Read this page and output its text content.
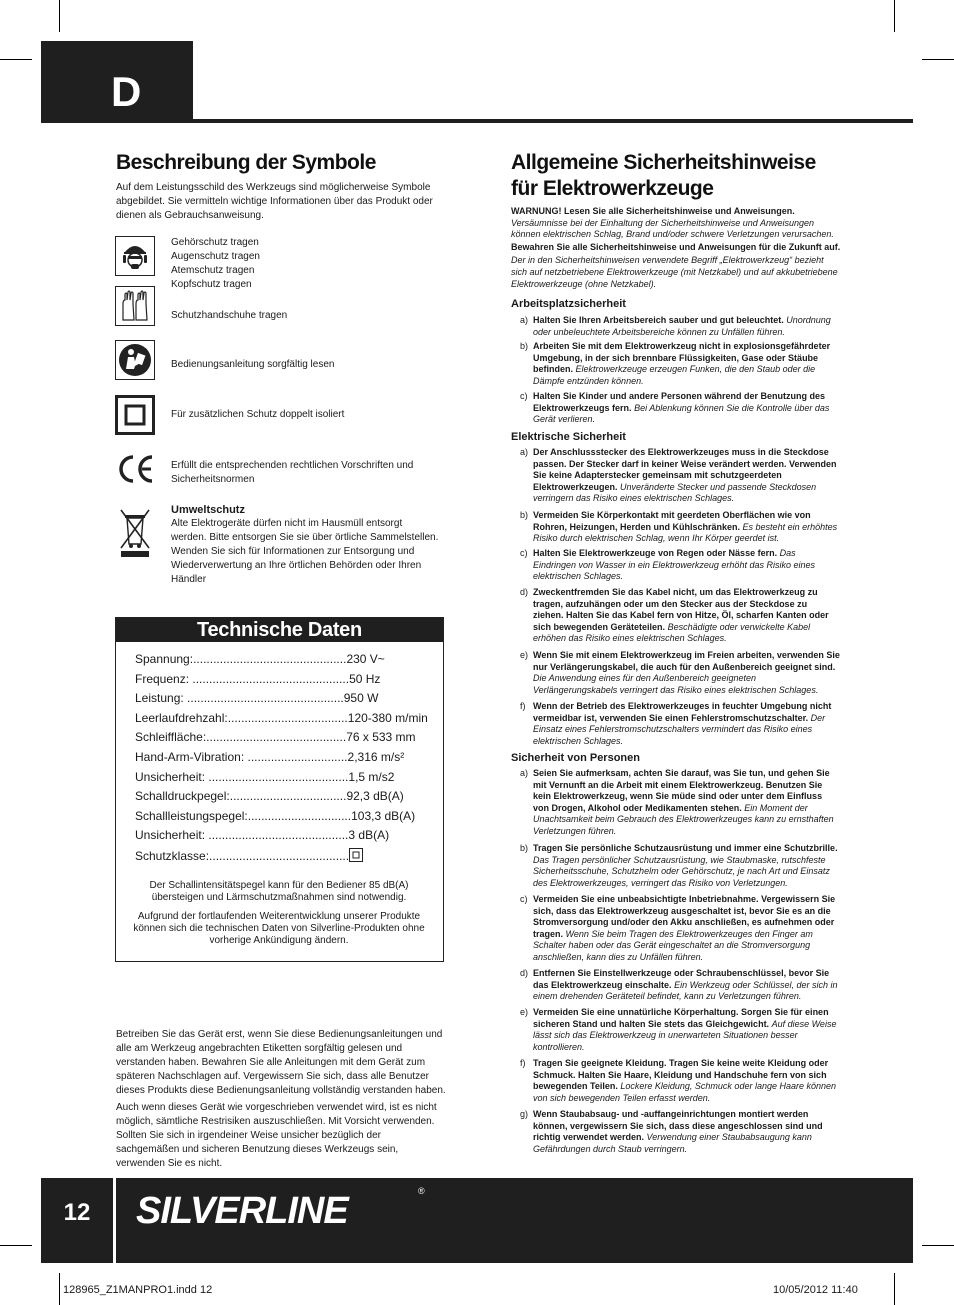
D
Beschreibung der Symbole
Auf dem Leistungsschild des Werkzeugs sind möglicherweise Symbole abgebildet. Sie vermitteln wichtige Informationen über das Produkt oder dienen als Gebrauchsanweisung.
Gehörschutz tragen
Augenschutz tragen
Atemschutz tragen
Kopfschutz tragen
Schutzhandschuhe tragen
Bedienungsanleitung sorgfältig lesen
Für zusätzlichen Schutz doppelt isoliert
Erfüllt die entsprechenden rechtlichen Vorschriften und
Sicherheitsnormen
Umweltschutz
Alte Elektrogeräte dürfen nicht im Hausmüll entsorgt
werden. Bitte entsorgen Sie sie über örtliche Sammelstellen.
Wenden Sie sich für Informationen zur Entsorgung und
Wiederverwertung an Ihre örtlichen Behörden oder Ihren
Händler
Technische Daten
Spannung:..............................................230 V~
Frequenz: ...............................................50 Hz
Leistung: ...............................................950 W
Leerlaufdrehzahl:....................................120-380 m/min
Schleiffläche:..........................................76 x 533 mm
Hand-Arm-Vibration: ..............................2,316 m/s²
Unsicherheit: ..........................................1,5 m/s2
Schalldruckpegel:...................................92,3 dB(A)
Schallleistungspegel:...............................103,3 dB(A)
Unsicherheit: ..........................................3 dB(A)
Schutzklasse:..........................................
Der Schallintensitätspegel kann für den Bediener 85 dB(A) übersteigen und Lärmschutzmaßnahmen sind notwendig.
Aufgrund der fortlaufenden Weiterentwicklung unserer Produkte können sich die technischen Daten von Silverline-Produkten ohne vorherige Ankündigung ändern.
Betreiben Sie das Gerät erst, wenn Sie diese Bedienungsanleitungen und alle am Werkzeug angebrachten Etiketten sorgfältig gelesen und verstanden haben. Bewahren Sie alle Anleitungen mit dem Gerät zum späteren Nachschlagen auf. Vergewissern Sie sich, dass alle Benutzer dieses Produkts diese Bedienungsanleitung vollständig verstanden haben.
Auch wenn dieses Gerät wie vorgeschrieben verwendet wird, ist es nicht möglich, sämtliche Restrisiken auszuschließen. Mit Vorsicht verwenden. Sollten Sie sich in irgendeiner Weise unsicher bezüglich der sachgemäßen und sicheren Benutzung dieses Werkzeugs sein, verwenden Sie es nicht.
Allgemeine Sicherheitshinweise
für Elektrowerkzeuge
WARNUNG! Lesen Sie alle Sicherheitshinweise und Anweisungen.
Versäumnisse bei der Einhaltung der Sicherheitshinweise und Anweisungen können elektrischen Schlag, Brand und/oder schwere Verletzungen verursachen.
Bewahren Sie alle Sicherheitshinweise und Anweisungen für die Zukunft auf.
Der in den Sicherheitshinweisen verwendete Begriff „Elektrowerkzeug“ bezieht sich auf netzbetriebene Elektrowerkzeuge (mit Netzkabel) und auf akkubetriebene Elektrowerkzeuge (ohne Netzkabel).
Arbeitsplatzsicherheit
a) Halten Sie Ihren Arbeitsbereich sauber und gut beleuchtet. Unordnung oder unbeleuchtete Arbeitsbereiche können zu Unfällen führen.
b) Arbeiten Sie mit dem Elektrowerkzeug nicht in explosionsgefährdeter Umgebung, in der sich brennbare Flüssigkeiten, Gase oder Stäube befinden. Elektrowerkzeuge erzeugen Funken, die den Staub oder die Dämpfe entzünden können.
c) Halten Sie Kinder und andere Personen während der Benutzung des Elektrowerkzeugs fern. Bei Ablenkung können Sie die Kontrolle über das Gerät verlieren.
Elektrische Sicherheit
a) Der Anschlussstecker des Elektrowerkzeuges muss in die Steckdose passen. Der Stecker darf in keiner Weise verändert werden. Verwenden Sie keine Adapterstecker gemeinsam mit schutzgeerdeten Elektrowerkzeugen. Unveränderte Stecker und passende Steckdosen verringern das Risiko eines elektrischen Schlages.
b) Vermeiden Sie Körperkontakt mit geerdeten Oberflächen wie von Rohren, Heizungen, Herden und Kühlschränken. Es besteht ein erhöhtes Risiko durch elektrischen Schlag, wenn Ihr Körper geerdet ist.
c) Halten Sie Elektrowerkzeuge von Regen oder Nässe fern. Das Eindringen von Wasser in ein Elektrowerkzeug erhöht das Risiko eines elektrischen Schlages.
d) Zweckentfremden Sie das Kabel nicht, um das Elektrowerkzeug zu tragen, aufzuhängen oder um den Stecker aus der Steckdose zu ziehen. Halten Sie das Kabel fern von Hitze, Öl, scharfen Kanten oder sich bewegenden Geräteteilen. Beschädigte oder verwickelte Kabel erhöhen das Risiko eines elektrischen Schlages.
e) Wenn Sie mit einem Elektrowerkzeug im Freien arbeiten, verwenden Sie nur Verlängerungskabel, die auch für den Außenbereich geeignet sind. Die Anwendung eines für den Außenbereich geeigneten Verlängerungskabels verringert das Risiko eines elektrischen Schlages.
f) Wenn der Betrieb des Elektrowerkzeuges in feuchter Umgebung nicht vermeidbar ist, verwenden Sie einen Fehlerstromschutzschalter. Der Einsatz eines Fehlerstromschutzschalters vermindert das Risiko eines elektrischen Schlages.
Sicherheit von Personen
a) Seien Sie aufmerksam, achten Sie darauf, was Sie tun, und gehen Sie mit Vernunft an die Arbeit mit einem Elektrowerkzeug. Benutzen Sie kein Elektrowerkzeug, wenn Sie müde sind oder unter dem Einfluss von Drogen, Alkohol oder Medikamenten stehen. Ein Moment der Unachtsamkeit beim Gebrauch des Elektrowerkzeuges kann zu ernsthaften Verletzungen führen.
b) Tragen Sie persönliche Schutzausrüstung und immer eine Schutzbrille. Das Tragen persönlicher Schutzausrüstung, wie Staubmaske, rutschfeste Sicherheitsschuhe, Schutzhelm oder Gehörschutz, je nach Art und Einsatz des Elektrowerkzeuges, verringert das Risiko von Verletzungen.
c) Vermeiden Sie eine unbeabsichtigte Inbetriebnahme. Vergewissern Sie sich, dass das Elektrowerkzeug ausgeschaltet ist, bevor Sie es an die Stromversorgung und/oder den Akku anschließen, es aufnehmen oder tragen. Wenn Sie beim Tragen des Elektrowerkzeuges den Finger am Schalter haben oder das Gerät eingeschaltet an die Stromversorgung anschließen, kann dies zu Unfällen führen.
d) Entfernen Sie Einstellwerkzeuge oder Schraubenschlüssel, bevor Sie das Elektrowerkzeug einschalte. Ein Werkzeug oder Schlüssel, der sich in einem drehenden Geräteteil befindet, kann zu Verletzungen führen.
e) Vermeiden Sie eine unnatürliche Körperhaltung. Sorgen Sie für einen sicheren Stand und halten Sie stets das Gleichgewicht. Auf diese Weise lässt sich das Elektrowerkzeug in unerwarteten Situationen besser kontrollieren.
f) Tragen Sie geeignete Kleidung. Tragen Sie keine weite Kleidung oder Schmuck. Halten Sie Haare, Kleidung und Handschuhe fern von sich bewegenden Teilen. Lockere Kleidung, Schmuck oder lange Haare können von sich bewegenden Teilen erfasst werden.
g) Wenn Staubabsaug- und -auffangeinrichtungen montiert werden können, vergewissern Sie sich, dass diese angeschlossen sind und richtig verwendet werden. Verwendung einer Staubabsaugung kann Gefährdungen durch Staub verringern.
12	SILVERLINE	®
128965_Z1MANPRO1.indd 12	10/05/2012 11:40
